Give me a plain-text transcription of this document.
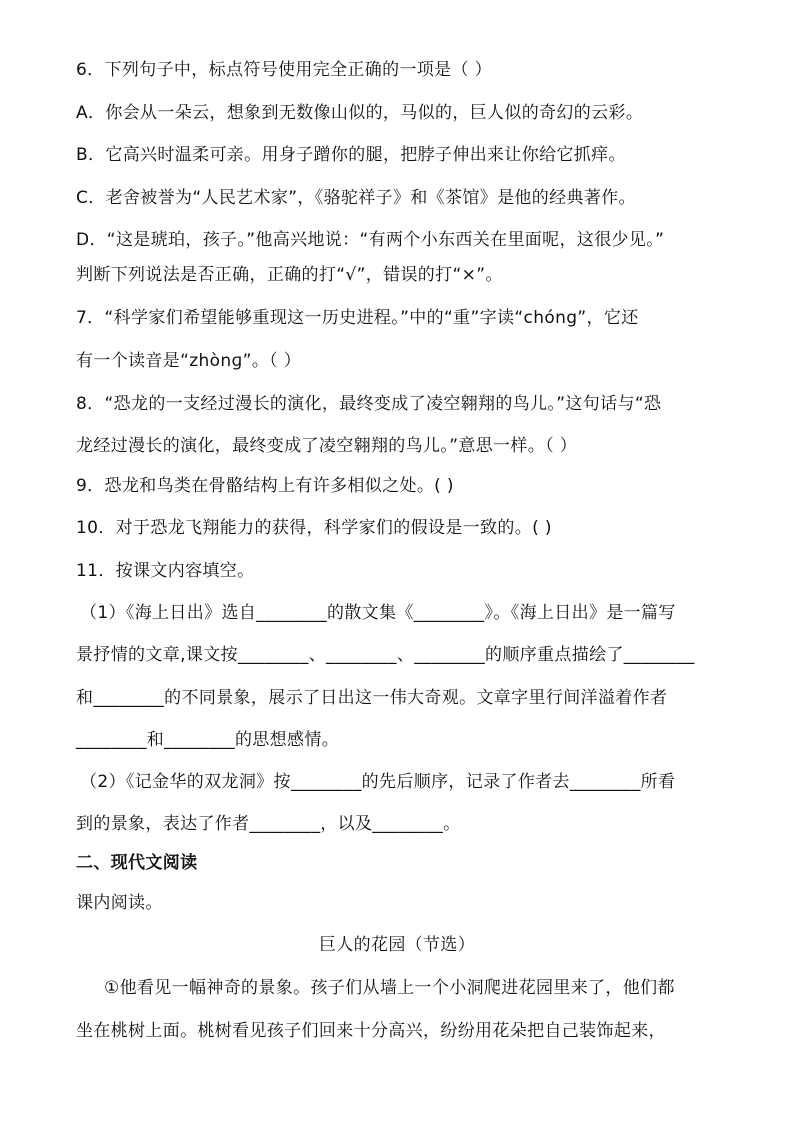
6．下列句子中，标点符号使用完全正确的一项是（ ）
A．你会从一朵云，想象到无数像山似的，马似的，巨人似的奇幻的云彩。
B．它高兴时温柔可亲。用身子蹭你的腿，把脖子伸出来让你给它抓痒。
C．老舍被誉为“人民艺术家”，《骆驼祥子》和《茶馆》是他的经典著作。
D．“这是琥珀，孩子。”他高兴地说：“有两个小东西关在里面呢，这很少见。”
判断下列说法是否正确，正确的打“√”，错误的打“×”。
7．“科学家们希望能够重现这一历史进程。”中的“重”字读“chóng”，它还
有一个读音是“zhònɡ”。（ ）
8．“恐龙的一支经过漫长的演化，最终变成了凌空翱翔的鸟儿。”这句话与“恐
龙经过漫长的演化，最终变成了凌空翱翔的鸟儿。”意思一样。（ ）
9．恐龙和鸟类在骨骼结构上有许多相似之处。( )
10．对于恐龙飞翔能力的获得，科学家们的假设是一致的。( )
11．按课文内容填空。
（1）《海上日出》选自________的散文集《________》。《海上日出》是一篇写
景抒情的文章,课文按________、________、________的顺序重点描绘了________
和________的不同景象，展示了日出这一伟大奇观。文章字里行间洋溢着作者
________和________的思想感情。
（2）《记金华的双龙洞》按________的先后顺序，记录了作者去________所看
到的景象，表达了作者________，以及________。
二、现代文阅读
课内阅读。
巨人的花园（节选）
①他看见一幅神奇的景象。孩子们从墙上一个小洞爬进花园里来了，他们都
坐在桃树上面。桃树看见孩子们回来十分高兴，纷纷用花朵把自己装饰起来，
